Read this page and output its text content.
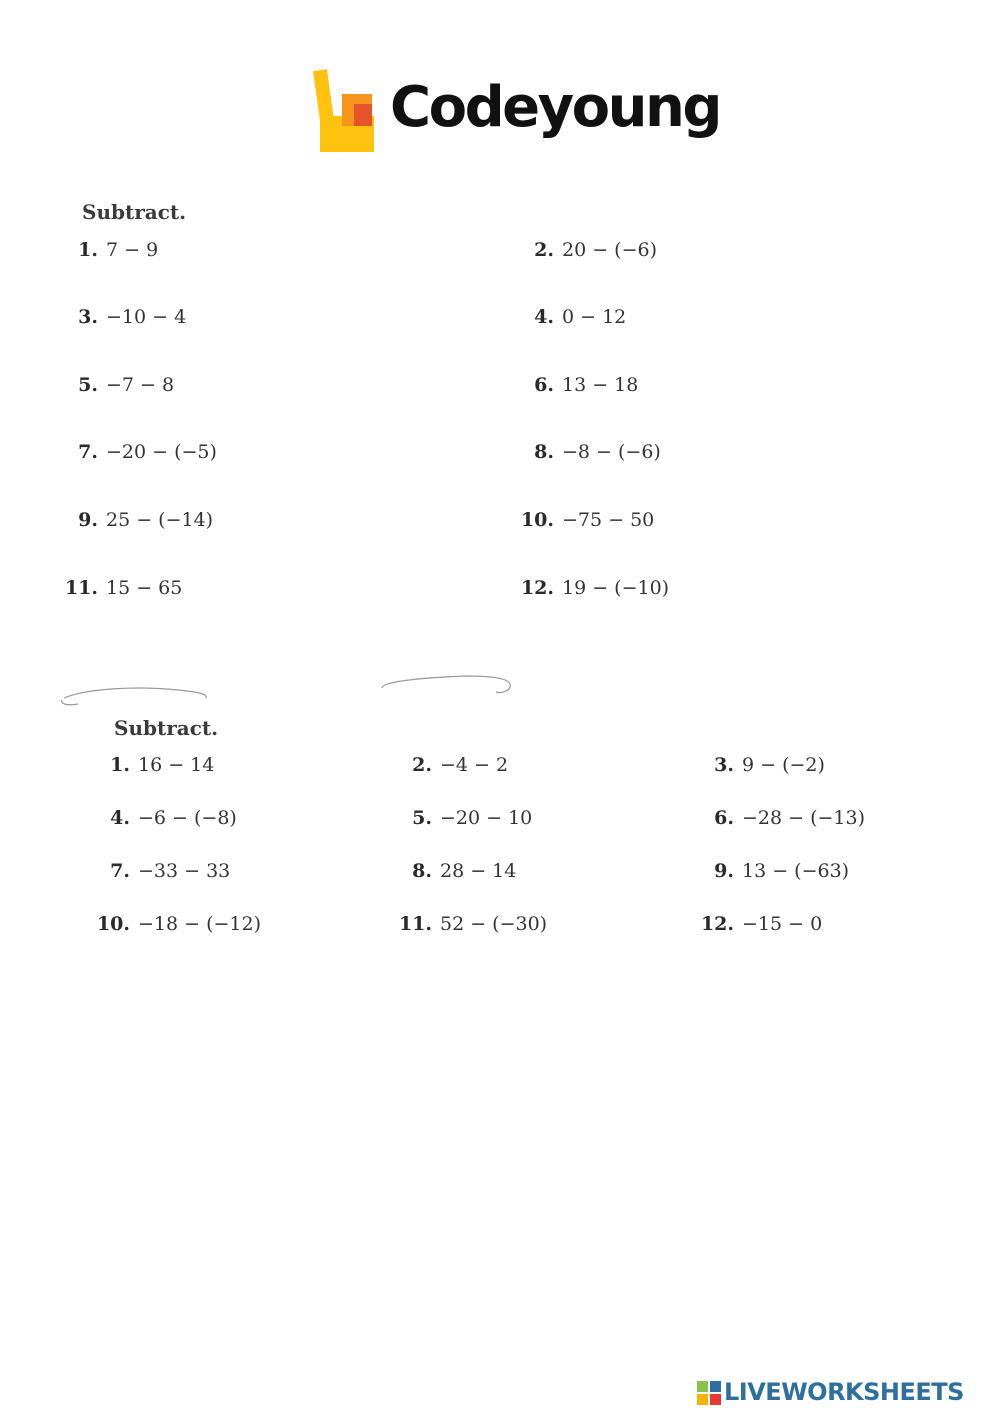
Codeyoung
Subtract.
1. 7 − 9	2. 20 − (−6)
3. −10 − 4	4. 0 − 12
5. −7 − 8	6. 13 − 18
7. −20 − (−5)	8. −8 − (−6)
9. 25 − (−14)	10. −75 − 50
11. 15 − 65	12. 19 − (−10)
Subtract.
1. 16 − 14	2. −4 − 2	3. 9 − (−2)
4. −6 − (−8)	5. −20 − 10	6. −28 − (−13)
7. −33 − 33	8. 28 − 14	9. 13 − (−63)
10. −18 − (−12)	11. 52 − (−30)	12. −15 − 0
LIVEWORKSHEETS
